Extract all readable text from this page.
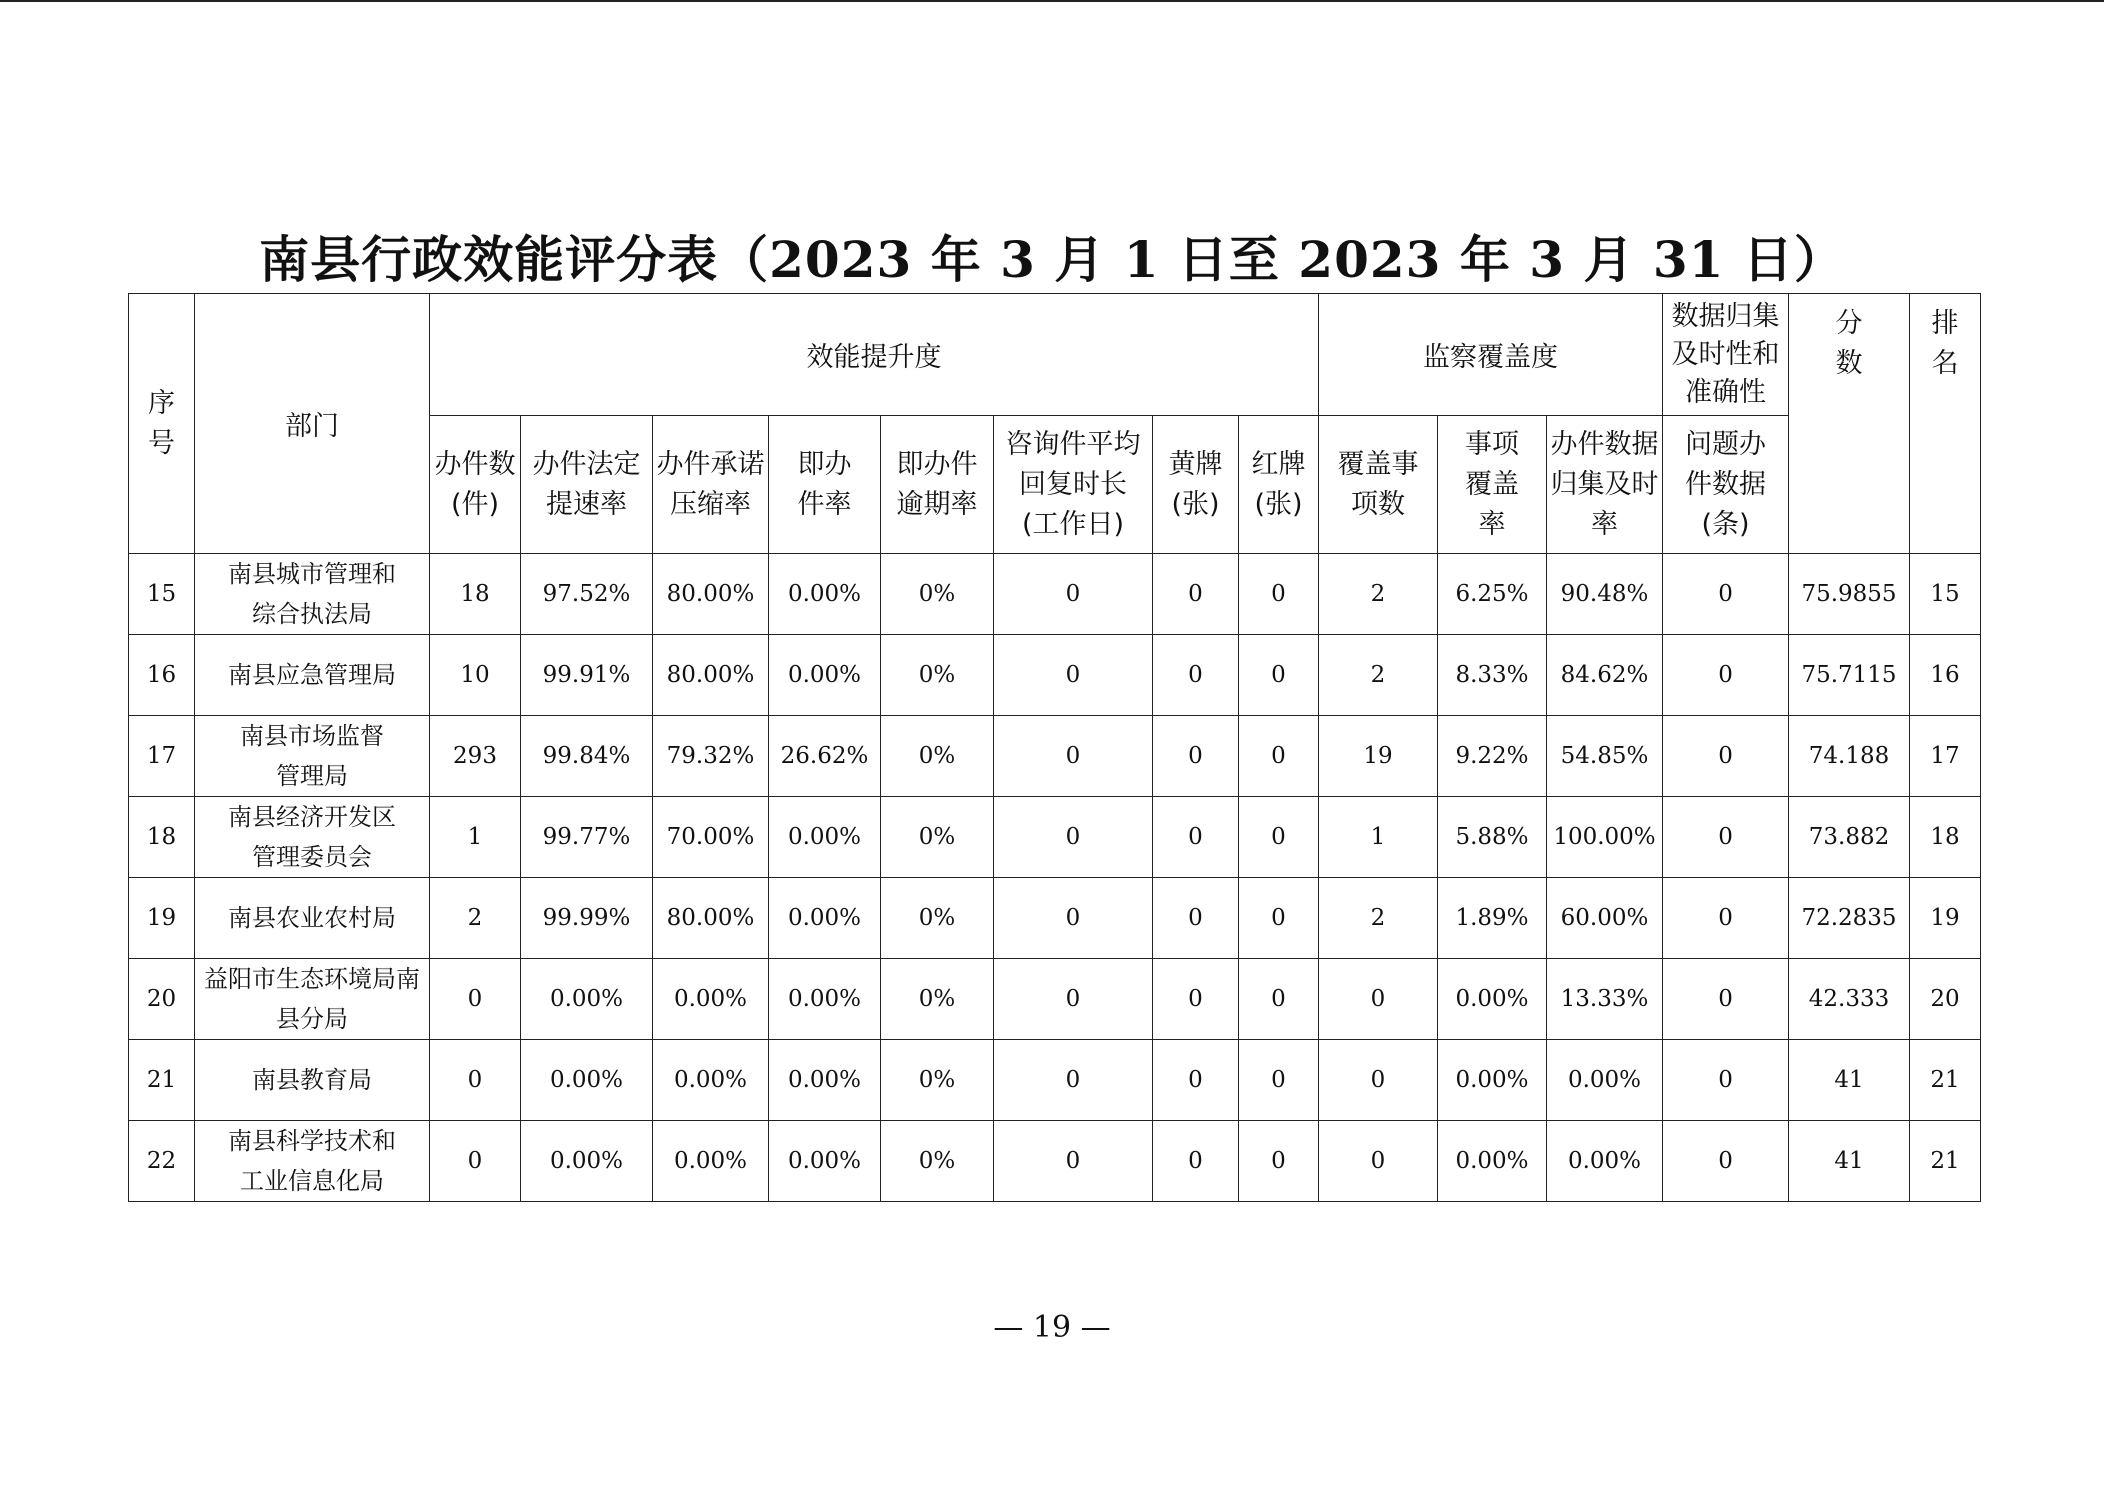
南县行政效能评分表（2023 年 3 月 1 日至 2023 年 3 月 31 日）
序号	部门	效能提升度								监察覆盖度			数据归集及时性和准确性	分数	排名
		办件数(件)	办件法定提速率	办件承诺压缩率	即办件率	即办件逾期率	咨询件平均回复时长(工作日)	黄牌(张)	红牌(张)	覆盖事项数	事项覆盖率	办件数据归集及时率	问题办件数据(条)		
15	南县城市管理和综合执法局	18	97.52%	80.00%	0.00%	0%	0	0	0	2	6.25%	90.48%	0	75.9855	15
16	南县应急管理局	10	99.91%	80.00%	0.00%	0%	0	0	0	2	8.33%	84.62%	0	75.7115	16
17	南县市场监督管理局	293	99.84%	79.32%	26.62%	0%	0	0	0	19	9.22%	54.85%	0	74.188	17
18	南县经济开发区管理委员会	1	99.77%	70.00%	0.00%	0%	0	0	0	1	5.88%	100.00%	0	73.882	18
19	南县农业农村局	2	99.99%	80.00%	0.00%	0%	0	0	0	2	1.89%	60.00%	0	72.2835	19
20	益阳市生态环境局南县分局	0	0.00%	0.00%	0.00%	0%	0	0	0	0	0.00%	13.33%	0	42.333	20
21	南县教育局	0	0.00%	0.00%	0.00%	0%	0	0	0	0	0.00%	0.00%	0	41	21
22	南县科学技术和工业信息化局	0	0.00%	0.00%	0.00%	0%	0	0	0	0	0.00%	0.00%	0	41	21
— 19 —
